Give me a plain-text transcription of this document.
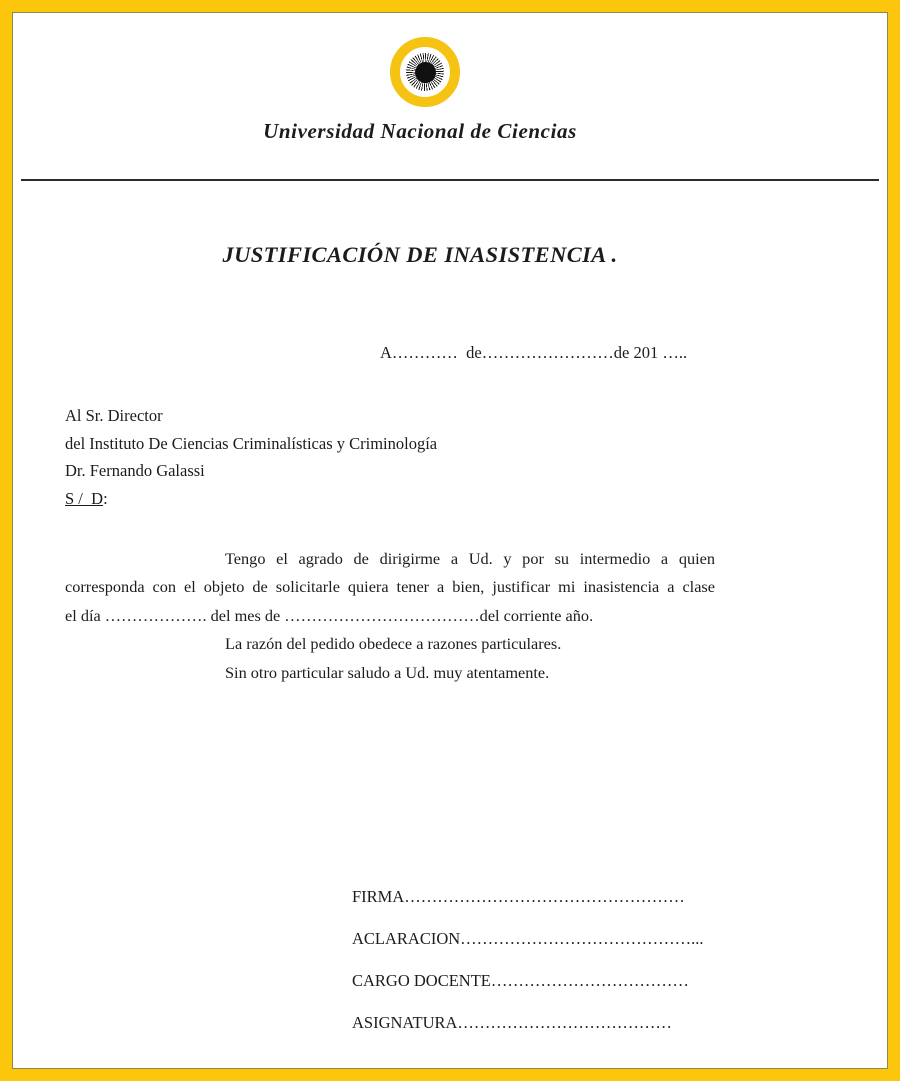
Universidad Nacional de Ciencias
JUSTIFICACIÓN DE INASISTENCIA .
A…………  de……………………de 201 …..
Al Sr. Director
del Instituto De Ciencias Criminalísticas y Criminología
Dr. Fernando Galassi
S /  D:
Tengo el agrado de dirigirme a Ud. y por su intermedio a quien
corresponda con el objeto de solicitarle quiera tener a bien, justificar mi inasistencia a clase
el día ………………. del mes de ………………………………del corriente año.
La razón del pedido obedece a razones particulares.
Sin otro particular saludo a Ud. muy atentamente.
FIRMA……………………………………………
ACLARACION……………………………………...
CARGO DOCENTE………………………………
ASIGNATURA…………………………………
